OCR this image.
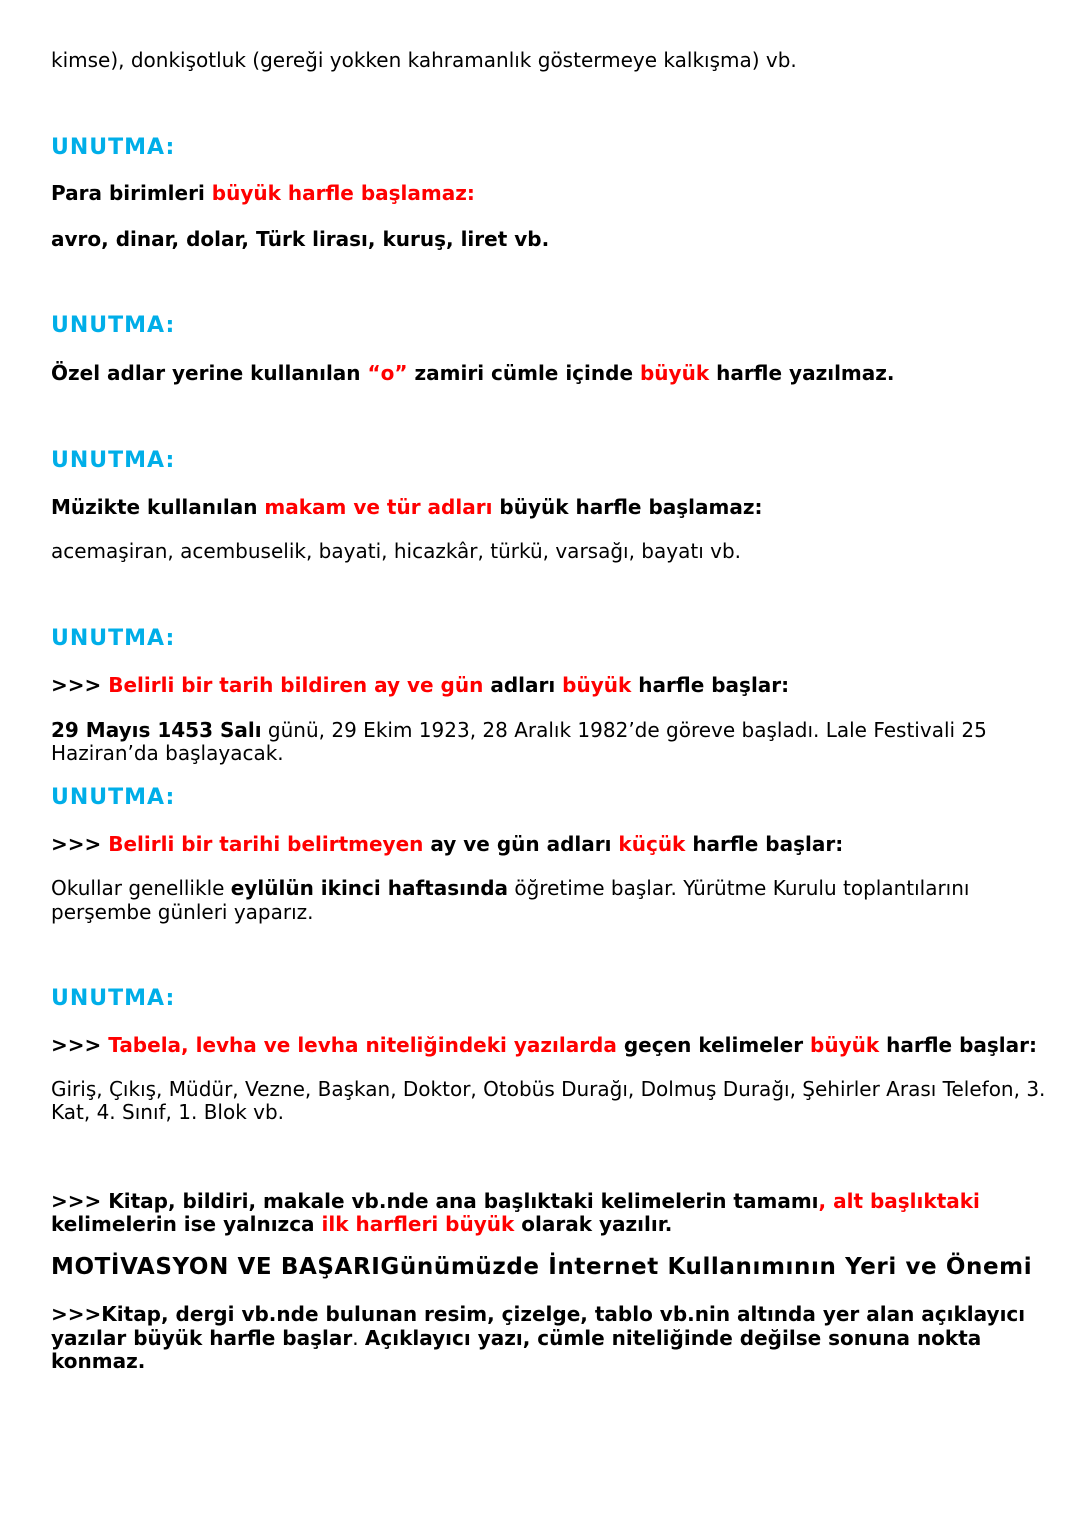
kimse), donkişotluk (gereği yokken kahramanlık göstermeye kalkışma) vb.
UNUTMA:
Para birimleri büyük harfle başlamaz:
avro, dinar, dolar, Türk lirası, kuruş, liret vb.
UNUTMA:
Özel adlar yerine kullanılan “o” zamiri cümle içinde büyük harfle yazılmaz.
UNUTMA:
Müzikte kullanılan makam ve tür adları büyük harfle başlamaz:
acemaşiran, acembuselik, bayati, hicazkâr, türkü, varsağı, bayatı vb.
UNUTMA:
>>> Belirli bir tarih bildiren ay ve gün adları büyük harfle başlar:
29 Mayıs 1453 Salı günü, 29 Ekim 1923, 28 Aralık 1982’de göreve başladı. Lale Festivali 25
Haziran’da başlayacak.
UNUTMA:
>>> Belirli bir tarihi belirtmeyen ay ve gün adları küçük harfle başlar:
Okullar genellikle eylülün ikinci haftasında öğretime başlar. Yürütme Kurulu toplantılarını
perşembe günleri yaparız.
UNUTMA:
>>> Tabela, levha ve levha niteliğindeki yazılarda geçen kelimeler büyük harfle başlar:
Giriş, Çıkış, Müdür, Vezne, Başkan, Doktor, Otobüs Durağı, Dolmuş Durağı, Şehirler Arası Telefon, 3.
Kat, 4. Sınıf, 1. Blok vb.
>>> Kitap, bildiri, makale vb.nde ana başlıktaki kelimelerin tamamı, alt başlıktaki
kelimelerin ise yalnızca ilk harfleri büyük olarak yazılır.
MOTİVASYON VE BAŞARIGünümüzde İnternet Kullanımının Yeri ve Önemi
>>>Kitap, dergi vb.nde bulunan resim, çizelge, tablo vb.nin altında yer alan açıklayıcı
yazılar büyük harfle başlar. Açıklayıcı yazı, cümle niteliğinde değilse sonuna nokta
konmaz.
